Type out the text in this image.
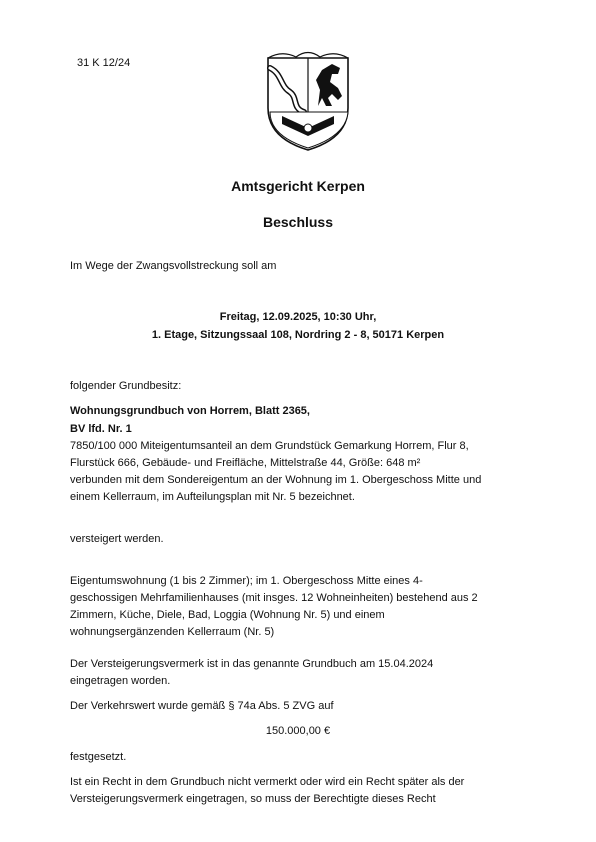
31 K 12/24
Amtsgericht Kerpen
Beschluss
Im Wege der Zwangsvollstreckung soll am
Freitag, 12.09.2025, 10:30 Uhr,
1. Etage, Sitzungssaal 108, Nordring 2 - 8, 50171 Kerpen
folgender Grundbesitz:
Wohnungsgrundbuch von Horrem, Blatt 2365,
BV lfd. Nr. 1
7850/100 000 Miteigentumsanteil an dem Grundstück Gemarkung Horrem, Flur 8,
Flurstück 666, Gebäude- und Freifläche, Mittelstraße 44, Größe: 648 m²
verbunden mit dem Sondereigentum an der Wohnung im 1. Obergeschoss Mitte und
einem Kellerraum, im Aufteilungsplan mit Nr. 5 bezeichnet.
versteigert werden.
Eigentumswohnung (1 bis 2 Zimmer); im 1. Obergeschoss Mitte eines 4-
geschossigen Mehrfamilienhauses (mit insges. 12 Wohneinheiten) bestehend aus 2
Zimmern, Küche, Diele, Bad, Loggia (Wohnung Nr. 5) und einem
wohnungsergänzenden Kellerraum (Nr. 5)
Der Versteigerungsvermerk ist in das genannte Grundbuch am 15.04.2024
eingetragen worden.
Der Verkehrswert wurde gemäß § 74a Abs. 5 ZVG auf
150.000,00 €
festgesetzt.
Ist ein Recht in dem Grundbuch nicht vermerkt oder wird ein Recht später als der
Versteigerungsvermerk eingetragen, so muss der Berechtigte dieses Recht
